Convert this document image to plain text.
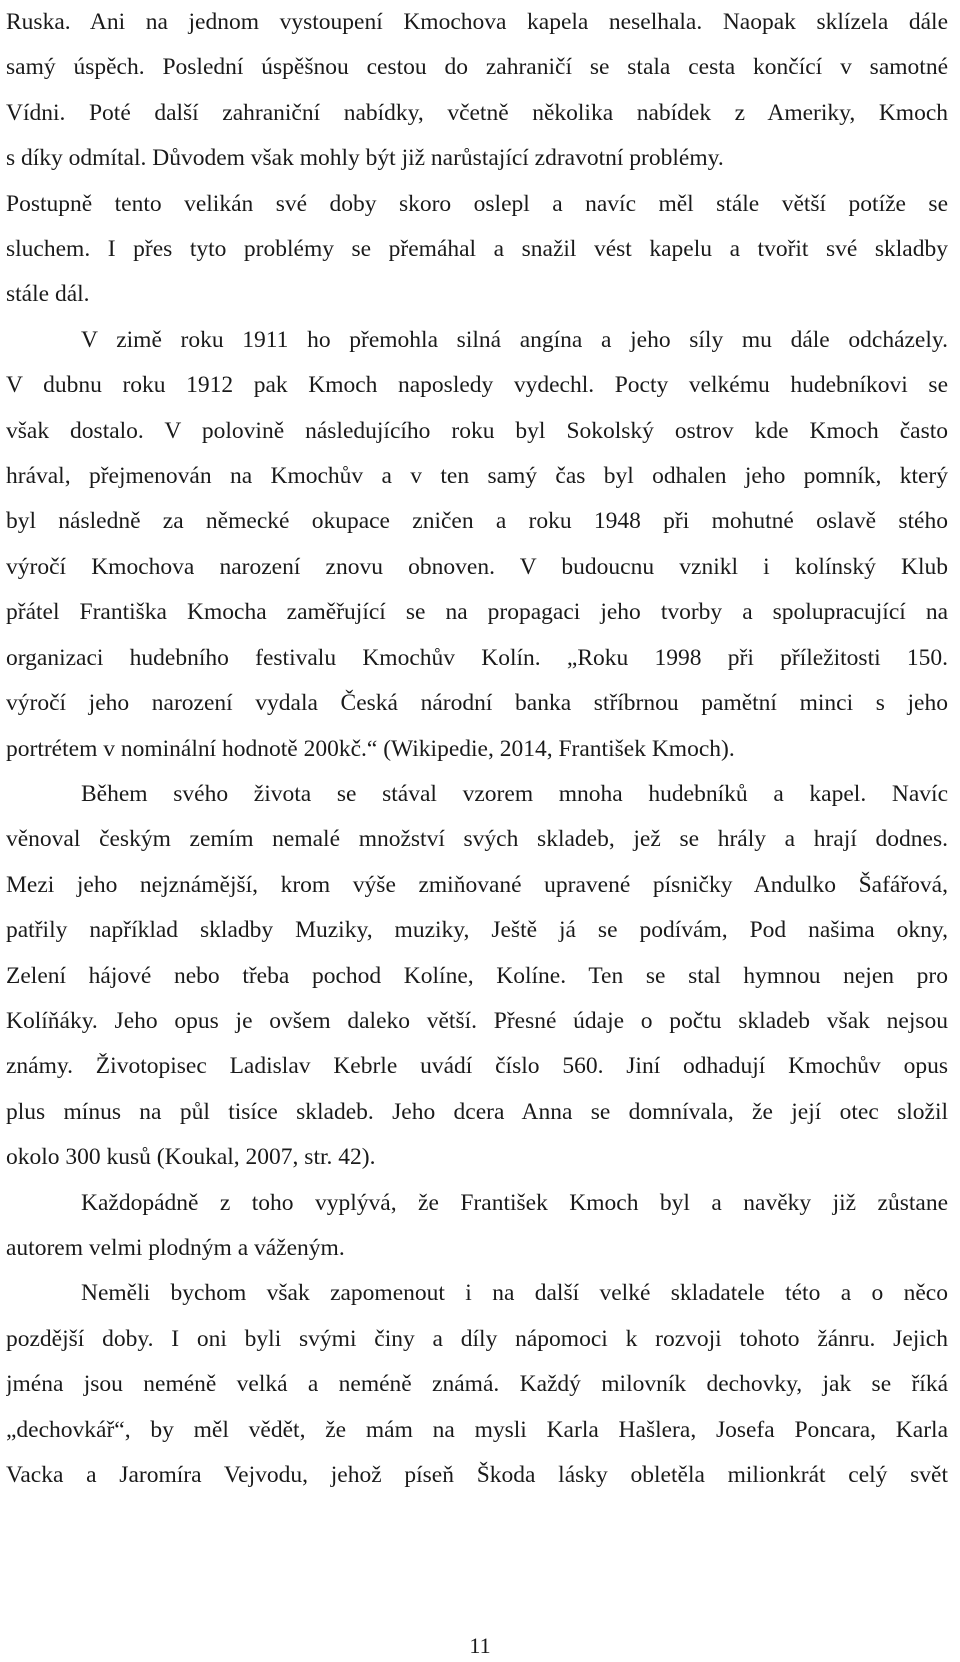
Ruska. Ani na jednom vystoupení Kmochova kapela neselhala. Naopak sklízela dále
samý úspěch. Poslední úspěšnou cestou do zahraničí se stala cesta končící v samotné
Vídni. Poté další zahraniční nabídky, včetně několika nabídek z Ameriky, Kmoch
s díky odmítal. Důvodem však mohly být již narůstající zdravotní problémy.
Postupně tento velikán své doby skoro oslepl a navíc měl stále větší potíže se
sluchem. I přes tyto problémy se přemáhal a snažil vést kapelu a tvořit své skladby
stále dál.
V zimě roku 1911 ho přemohla silná angína a jeho síly mu dále odcházely.
V dubnu roku 1912 pak Kmoch naposledy vydechl. Pocty velkému hudebníkovi se
však dostalo. V polovině následujícího roku byl Sokolský ostrov kde Kmoch často
hrával, přejmenován na Kmochův a v ten samý čas byl odhalen jeho pomník, který
byl následně za německé okupace zničen a roku 1948 při mohutné oslavě stého
výročí Kmochova narození znovu obnoven. V budoucnu vznikl i kolínský Klub
přátel Františka Kmocha zaměřující se na propagaci jeho tvorby a spolupracující na
organizaci hudebního festivalu Kmochův Kolín. „Roku 1998 při příležitosti 150.
výročí jeho narození vydala Česká národní banka stříbrnou pamětní minci s jeho
portrétem v nominální hodnotě 200kč.“ (Wikipedie, 2014, František Kmoch).
Během svého života se stával vzorem mnoha hudebníků a kapel. Navíc
věnoval českým zemím nemalé množství svých skladeb, jež se hrály a hrají dodnes.
Mezi jeho nejznámější, krom výše zmiňované upravené písničky Andulko Šafářová,
patřily například skladby Muziky, muziky, Ještě já se podívám, Pod našima okny,
Zelení hájové nebo třeba pochod Kolíne, Kolíne. Ten se stal hymnou nejen pro
Kolíňáky. Jeho opus je ovšem daleko větší. Přesné údaje o počtu skladeb však nejsou
známy. Životopisec Ladislav Kebrle uvádí číslo 560. Jiní odhadují Kmochův opus
plus mínus na půl tisíce skladeb. Jeho dcera Anna se domnívala, že její otec složil
okolo 300 kusů (Koukal, 2007, str. 42).
Každopádně z toho vyplývá, že František Kmoch byl a navěky již zůstane
autorem velmi plodným a váženým.
Neměli bychom však zapomenout i na další velké skladatele této a o něco
pozdější doby. I oni byli svými činy a díly nápomoci k rozvoji tohoto žánru. Jejich
jména jsou neméně velká a neméně známá. Každý milovník dechovky, jak se říká
„dechovkář“, by měl vědět, že mám na mysli Karla Hašlera, Josefa Poncara, Karla
Vacka a Jaromíra Vejvodu, jehož píseň Škoda lásky obletěla milionkrát celý svět
11
